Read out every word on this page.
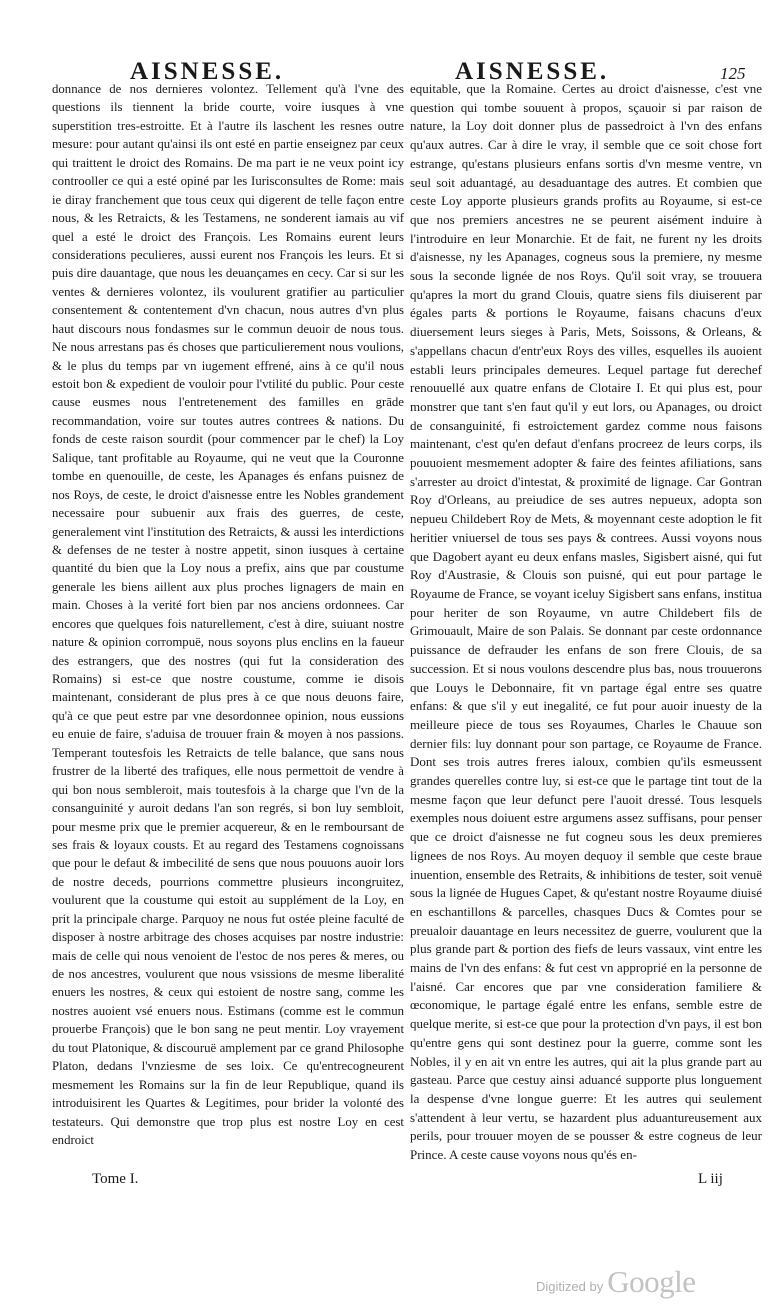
AISNESSE.	AISNESSE.	125

donnance de nos dernieres volontez. Tellement qu'à l'vne des questions ils tiennent la bride courte, voire iusques à vne superstition tres-estroitte. Et à l'autre ils laschent les resnes outre mesure: pour autant qu'ainsi ils ont esté en partie enseignez par ceux qui traittent le droict des Romains. De ma part ie ne veux point icy controoller ce qui a esté opiné par les Iurisconsultes de Rome: mais ie diray franchement que tous ceux qui digerent de telle façon entre nous, & les Retraicts, & les Testamens, ne sonderent iamais au vif quel a esté le droict des François. Les Romains eurent leurs considerations peculieres, aussi eurent nos François les leurs. Et si puis dire dauantage, que nous les deuançames en cecy. Car si sur les ventes & dernieres volontez, ils voulurent gratifier au particulier consentement & contentement d'vn chacun, nous autres d'vn plus haut discours nous fondasmes sur le commun deuoir de nous tous. Ne nous arrestans pas és choses que particulierement nous voulions, & le plus du temps par vn iugement effrené, ains à ce qu'il nous estoit bon & expedient de vouloir pour l'vtilité du public. Pour ceste cause eusmes nous l'entretenement des familles en grāde recommandation, voire sur toutes autres contrees & nations. Du fonds de ceste raison sourdit (pour commencer par le chef) la Loy Salique, tant profitable au Royaume, qui ne veut que la Couronne tombe en quenouille, de ceste, les Apanages és enfans puisnez de nos Roys, de ceste, le droict d'aisnesse entre les Nobles grandement necessaire pour subuenir aux frais des guerres, de ceste, generalement vint l'institution des Retraicts, & aussi les interdictions & defenses de ne tester à nostre appetit, sinon iusques à certaine quantité du bien que la Loy nous a prefix, ains que par coustume generale les biens aillent aux plus proches lignagers de main en main. Choses à la verité fort bien par nos anciens ordonnees. Car encores que quelques fois naturellement, c'est à dire, suiuant nostre nature & opinion corrompuë, nous soyons plus enclins en la faueur des estrangers, que des nostres (qui fut la consideration des Romains) si est-ce que nostre coustume, comme ie disois maintenant, considerant de plus pres à ce que nous deuons faire, qu'à ce que peut estre par vne desordonnee opinion, nous eussions eu enuie de faire, s'aduisa de trouuer frain & moyen à nos passions. Temperant toutesfois les Retraicts de telle balance, que sans nous frustrer de la liberté des trafiques, elle nous permettoit de vendre à qui bon nous sembleroit, mais toutesfois à la charge que l'vn de la consanguinité y auroit dedans l'an son regrés, si bon luy sembloit, pour mesme prix que le premier acquereur, & en le remboursant de ses frais & loyaux cousts. Et au regard des Testamens cognoissans que pour le defaut & imbecilité de sens que nous pouuons auoir lors de nostre deceds, pourrions commettre plusieurs incongruitez, voulurent que la coustume qui estoit au supplément de la Loy, en prit la principale charge. Parquoy ne nous fut ostée pleine faculté de disposer à nostre arbitrage des choses acquises par nostre industrie: mais de celle qui nous venoient de l'estoc de nos peres & meres, ou de nos ancestres, voulurent que nous vsissions de mesme liberalité enuers les nostres, & ceux qui estoient de nostre sang, comme les nostres auoient vsé enuers nous. Estimans (comme est le commun prouerbe François) que le bon sang ne peut mentir. Loy vrayement du tout Platonique, & discouruë amplement par ce grand Philosophe Platon, dedans l'vnziesme de ses loix. Ce qu'entrecogneurent mesmement les Romains sur la fin de leur Republique, quand ils introduisirent les Quartes & Legitimes, pour brider la volonté des testateurs. Qui demonstre que trop plus est nostre Loy en cest endroict

equitable, que la Romaine. Certes au droict d'aisnesse, c'est vne question qui tombe souuent à propos, sçauoir si par raison de nature, la Loy doit donner plus de passedroict à l'vn des enfans qu'aux autres. Car à dire le vray, il semble que ce soit chose fort estrange, qu'estans plusieurs enfans sortis d'vn mesme ventre, vn seul soit aduantagé, au desaduantage des autres. Et combien que ceste Loy apporte plusieurs grands profits au Royaume, si est-ce que nos premiers ancestres ne se peurent aisément induire à l'introduire en leur Monarchie. Et de fait, ne furent ny les droits d'aisnesse, ny les Apanages, cogneus sous la premiere, ny mesme sous la seconde lignée de nos Roys. Qu'il soit vray, se trouuera qu'apres la mort du grand Clouis, quatre siens fils diuiserent par égales parts & portions le Royaume, faisans chacuns d'eux diuersement leurs sieges à Paris, Mets, Soissons, & Orleans, & s'appellans chacun d'entr'eux Roys des villes, esquelles ils auoient establi leurs principales demeures. Lequel partage fut derechef renouuellé aux quatre enfans de Clotaire I. Et qui plus est, pour monstrer que tant s'en faut qu'il y eut lors, ou Apanages, ou droict de consanguinité, fi estroictement gardez comme nous faisons maintenant, c'est qu'en defaut d'enfans procreez de leurs corps, ils pouuoient mesmement adopter & faire des feintes afiliations, sans s'arrester au droict d'intestat, & proximité de lignage. Car Gontran Roy d'Orleans, au preiudice de ses autres nepueux, adopta son nepueu Childebert Roy de Mets, & moyennant ceste adoption le fit heritier vniuersel de tous ses pays & contrees. Aussi voyons nous que Dagobert ayant eu deux enfans masles, Sigisbert aisné, qui fut Roy d'Austrasie, & Clouis son puisné, qui eut pour partage le Royaume de France, se voyant iceluy Sigisbert sans enfans, institua pour heriter de son Royaume, vn autre Childebert fils de Grimouault, Maire de son Palais. Se donnant par ceste ordonnance puissance de defrauder les enfans de son frere Clouis, de sa succession. Et si nous voulons descendre plus bas, nous trouuerons que Louys le Debonnaire, fit vn partage égal entre ses quatre enfans: & que s'il y eut inegalité, ce fut pour auoir inuesty de la meilleure piece de tous ses Royaumes, Charles le Chauue son dernier fils: luy donnant pour son partage, ce Royaume de France. Dont ses trois autres freres ialoux, combien qu'ils esmeussent grandes querelles contre luy, si est-ce que le partage tint tout de la mesme façon que leur defunct pere l'auoit dressé. Tous lesquels exemples nous doiuent estre argumens assez suffisans, pour penser que ce droict d'aisnesse ne fut cogneu sous les deux premieres lignees de nos Roys. Au moyen dequoy il semble que ceste braue inuention, ensemble des Retraits, & inhibitions de tester, soit venuë sous la lignée de Hugues Capet, & qu'estant nostre Royaume diuisé en eschantillons & parcelles, chasques Ducs & Comtes pour se preualoir dauantage en leurs necessitez de guerre, voulurent que la plus grande part & portion des fiefs de leurs vassaux, vint entre les mains de l'vn des enfans: & fut cest vn approprié en la personne de l'aisné. Car encores que par vne consideration familiere & œconomique, le partage égalé entre les enfans, semble estre de quelque merite, si est-ce que pour la protection d'vn pays, il est bon qu'entre gens qui sont destinez pour la guerre, comme sont les Nobles, il y en ait vn entre les autres, qui ait la plus grande part au gasteau. Parce que cestuy ainsi aduancé supporte plus longuement la despense d'vne longue guerre: Et les autres qui seulement s'attendent à leur vertu, se hazardent plus aduantureusement aux perils, pour trouuer moyen de se pousser & estre cogneus de leur Prince. A ceste cause voyons nous qu'és en-

Tome I.	L iij
Digitized by Google
